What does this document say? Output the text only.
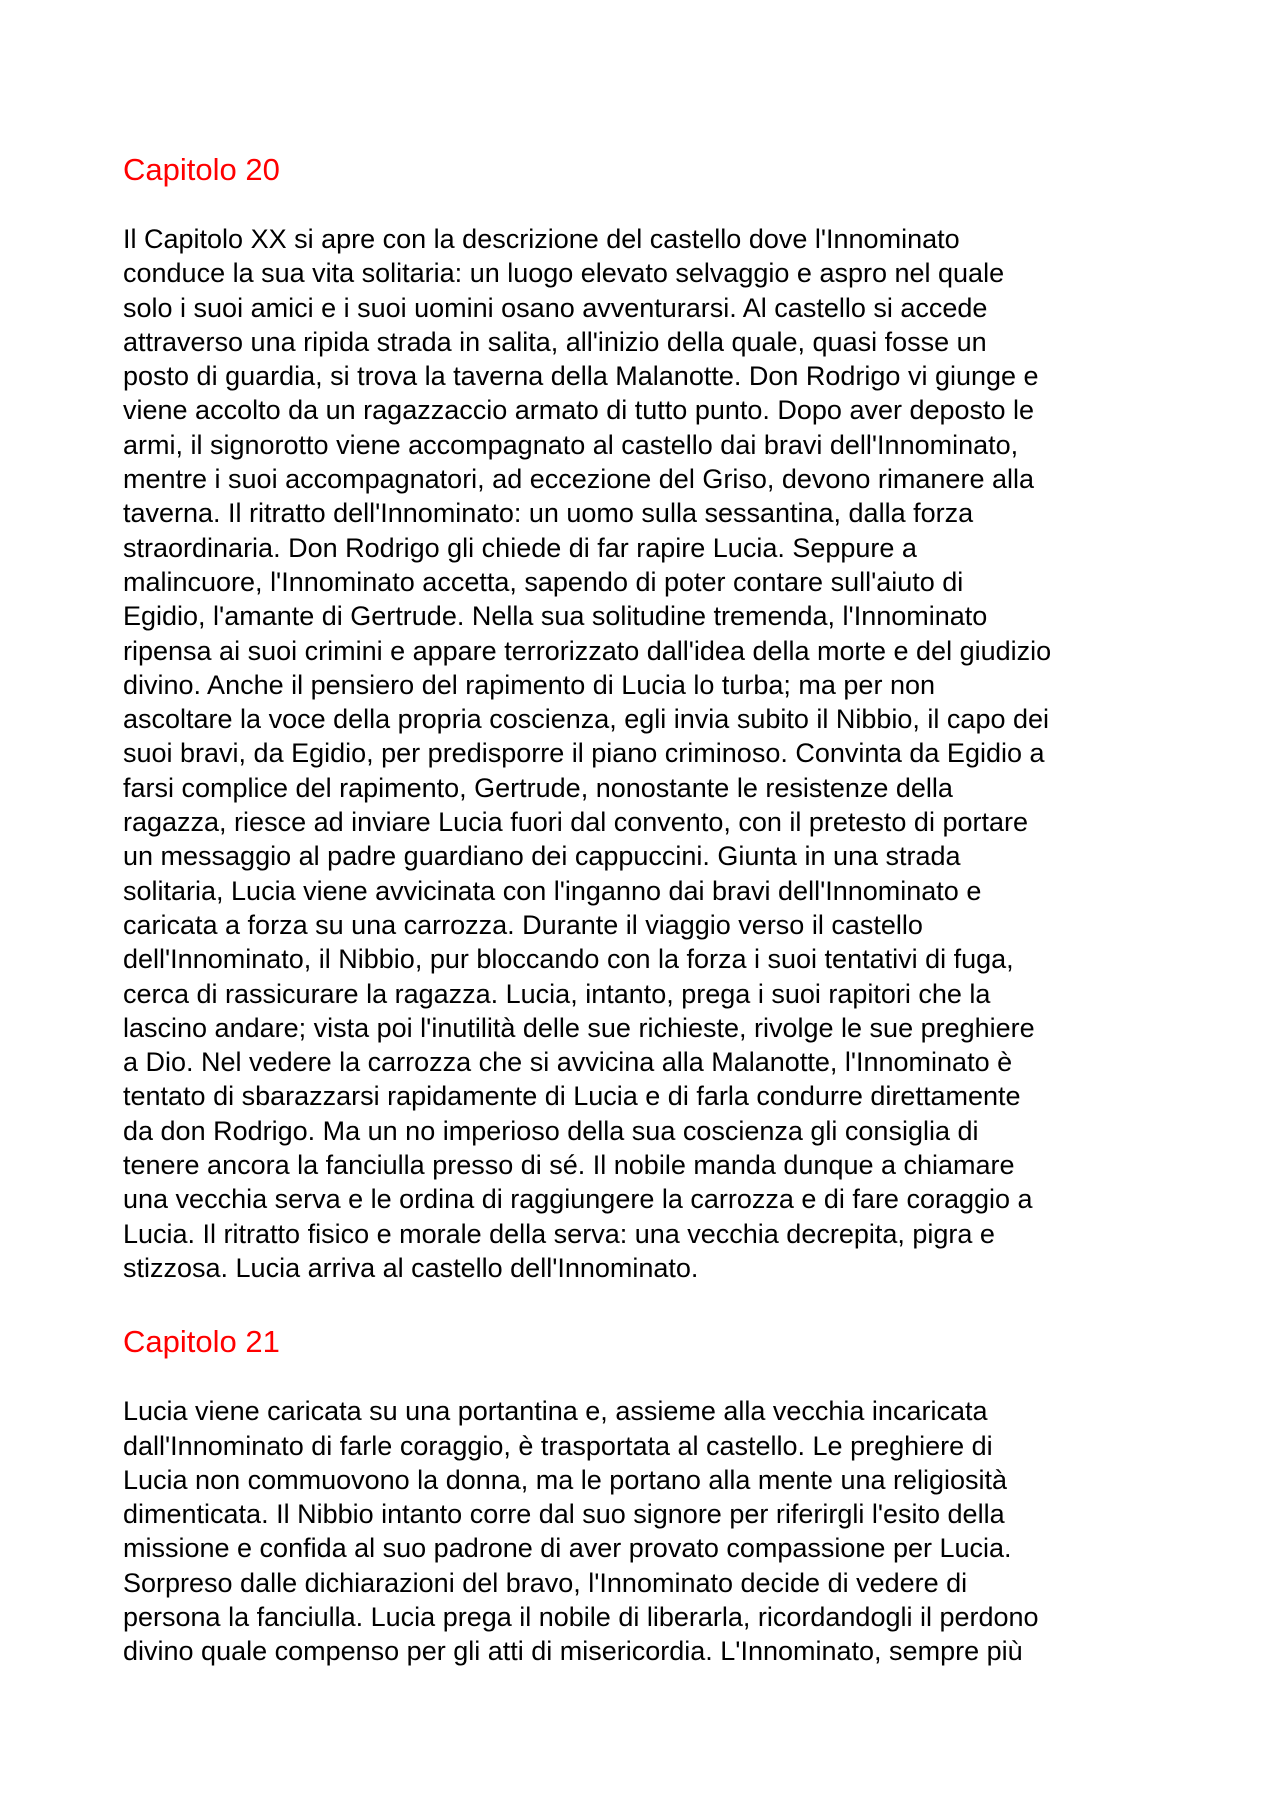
Capitolo 20
Il Capitolo XX si apre con la descrizione del castello dove l'Innominato
conduce la sua vita solitaria: un luogo elevato selvaggio e aspro nel quale
solo i suoi amici e i suoi uomini osano avventurarsi. Al castello si accede
attraverso una ripida strada in salita, all'inizio della quale, quasi fosse un
posto di guardia, si trova la taverna della Malanotte. Don Rodrigo vi giunge e
viene accolto da un ragazzaccio armato di tutto punto. Dopo aver deposto le
armi, il signorotto viene accompagnato al castello dai bravi dell'Innominato,
mentre i suoi accompagnatori, ad eccezione del Griso, devono rimanere alla
taverna. Il ritratto dell'Innominato: un uomo sulla sessantina, dalla forza
straordinaria. Don Rodrigo gli chiede di far rapire Lucia. Seppure a
malincuore, l'Innominato accetta, sapendo di poter contare sull'aiuto di
Egidio, l'amante di Gertrude. Nella sua solitudine tremenda, l'Innominato
ripensa ai suoi crimini e appare terrorizzato dall'idea della morte e del giudizio
divino. Anche il pensiero del rapimento di Lucia lo turba; ma per non
ascoltare la voce della propria coscienza, egli invia subito il Nibbio, il capo dei
suoi bravi, da Egidio, per predisporre il piano criminoso. Convinta da Egidio a
farsi complice del rapimento, Gertrude, nonostante le resistenze della
ragazza, riesce ad inviare Lucia fuori dal convento, con il pretesto di portare
un messaggio al padre guardiano dei cappuccini. Giunta in una strada
solitaria, Lucia viene avvicinata con l'inganno dai bravi dell'Innominato e
caricata a forza su una carrozza. Durante il viaggio verso il castello
dell'Innominato, il Nibbio, pur bloccando con la forza i suoi tentativi di fuga,
cerca di rassicurare la ragazza. Lucia, intanto, prega i suoi rapitori che la
lascino andare; vista poi l'inutilità delle sue richieste, rivolge le sue preghiere
a Dio. Nel vedere la carrozza che si avvicina alla Malanotte, l'Innominato è
tentato di sbarazzarsi rapidamente di Lucia e di farla condurre direttamente
da don Rodrigo. Ma un no imperioso della sua coscienza gli consiglia di
tenere ancora la fanciulla presso di sé. Il nobile manda dunque a chiamare
una vecchia serva e le ordina di raggiungere la carrozza e di fare coraggio a
Lucia. Il ritratto fisico e morale della serva: una vecchia decrepita, pigra e
stizzosa. Lucia arriva al castello dell'Innominato.
Capitolo 21
Lucia viene caricata su una portantina e, assieme alla vecchia incaricata
dall'Innominato di farle coraggio, è trasportata al castello. Le preghiere di
Lucia non commuovono la donna, ma le portano alla mente una religiosità
dimenticata. Il Nibbio intanto corre dal suo signore per riferirgli l'esito della
missione e confida al suo padrone di aver provato compassione per Lucia.
Sorpreso dalle dichiarazioni del bravo, l'Innominato decide di vedere di
persona la fanciulla. Lucia prega il nobile di liberarla, ricordandogli il perdono
divino quale compenso per gli atti di misericordia. L'Innominato, sempre più
